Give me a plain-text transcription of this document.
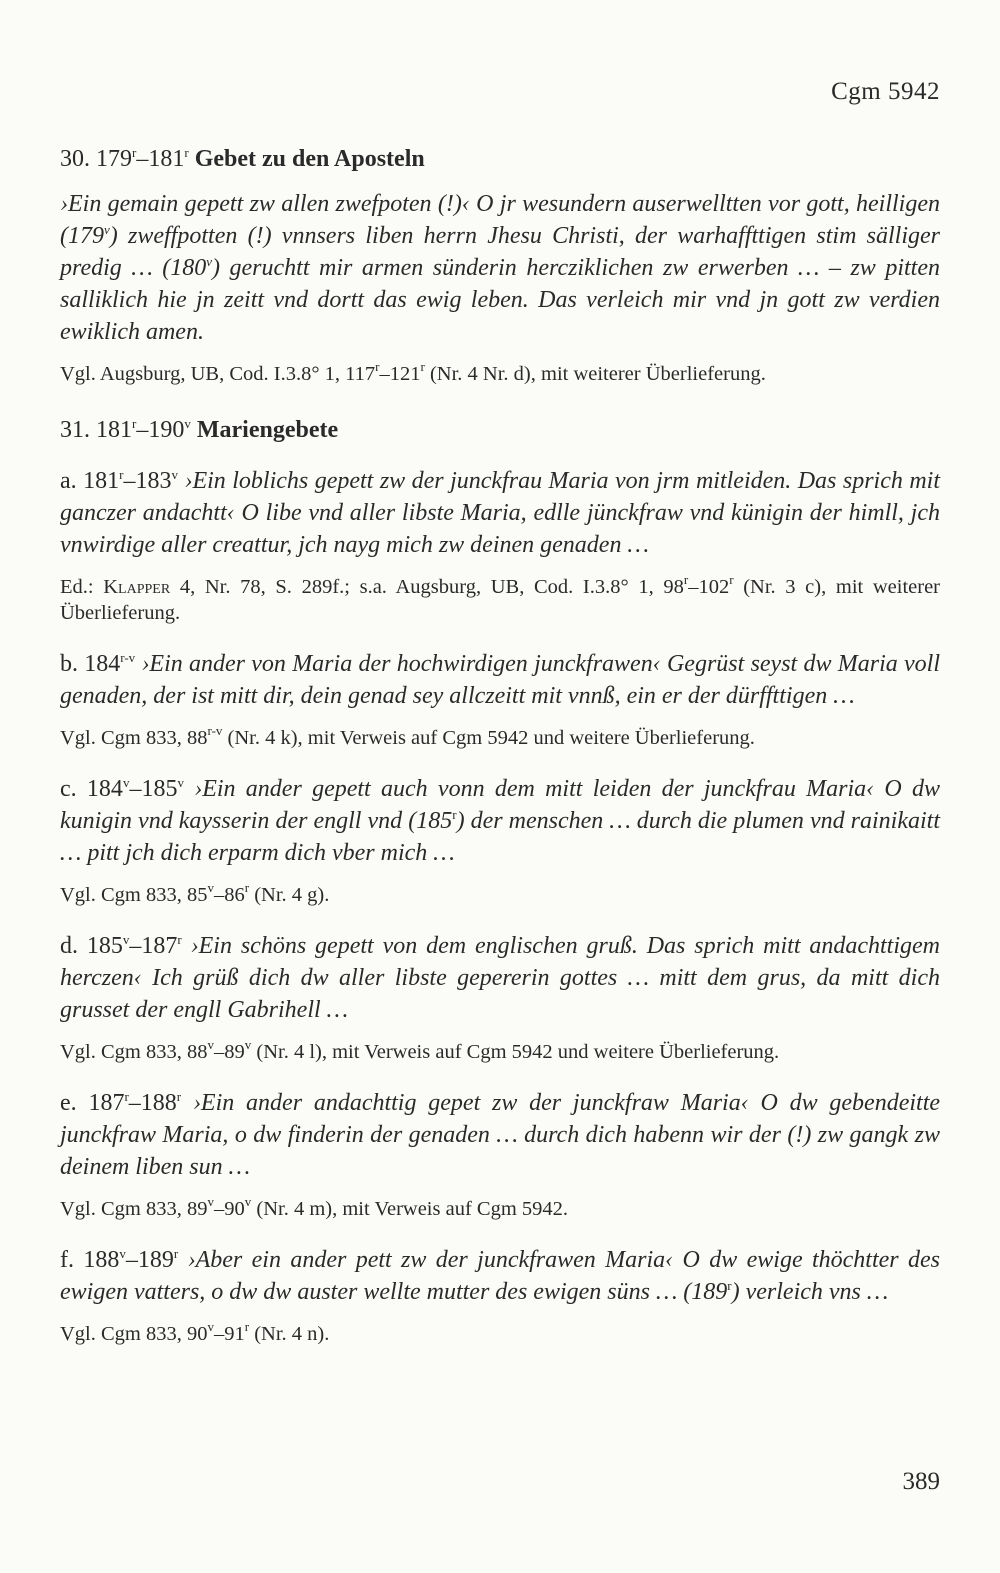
Cgm 5942
30. 179$^r$–181$^r$ Gebet zu den Aposteln

›Ein gemain gepett zw allen zwefpoten (!)‹ O jr wesundern auserwelltten vor gott, heilligen (179$^v$) zweffpotten (!) vnnsers liben herrn Jhesu Christi, der warhaffttigen stim sälliger predig … (180$^v$) geruchtt mir armen sünderin hercziklichen zw erwerben … – zw pitten salliklich hie jn zeitt vnd dortt das ewig leben. Das verleich mir vnd jn gott zw verdien ewiklich amen.

Vgl. Augsburg, UB, Cod. I.3.8° 1, 117$^r$–121$^r$ (Nr. 4 Nr. d), mit weiterer Überlieferung.

31. 181$^r$–190$^v$ Mariengebete

a. 181$^r$–183$^v$ ›Ein loblichs gepett zw der junckfrau Maria von jrm mitleiden. Das sprich mit ganczer andachtt‹ O libe vnd aller libste Maria, edlle jünckfraw vnd künigin der himll, jch vnwirdige aller creattur, jch nayg mich zw deinen genaden …

Ed.: Klapper 4, Nr. 78, S. 289f.; s.a. Augsburg, UB, Cod. I.3.8° 1, 98$^r$–102$^r$ (Nr. 3 c), mit weiterer Überlieferung.

b. 184$^{r-v}$ ›Ein ander von Maria der hochwirdigen junckfrawen‹ Gegrüst seyst dw Maria voll genaden, der ist mitt dir, dein genad sey allczeitt mit vnnß, ein er der dürffttigen …

Vgl. Cgm 833, 88$^{r-v}$ (Nr. 4 k), mit Verweis auf Cgm 5942 und weitere Überlieferung.

c. 184$^v$–185$^v$ ›Ein ander gepett auch vonn dem mitt leiden der junckfrau Maria‹ O dw kunigin vnd kaysserin der engll vnd (185$^r$) der menschen … durch die plumen vnd rainikaitt … pitt jch dich erparm dich vber mich …

Vgl. Cgm 833, 85$^v$–86$^r$ (Nr. 4 g).

d. 185$^v$–187$^r$ ›Ein schöns gepett von dem englischen gruß. Das sprich mitt andachttigem herczen‹ Ich grüß dich dw aller libste gepererin gottes … mitt dem grus, da mitt dich grusset der engll Gabrihell …

Vgl. Cgm 833, 88$^v$–89$^v$ (Nr. 4 l), mit Verweis auf Cgm 5942 und weitere Überlieferung.

e. 187$^r$–188$^r$ ›Ein ander andachttig gepet zw der junckfraw Maria‹ O dw gebendeitte junckfraw Maria, o dw finderin der genaden … durch dich habenn wir der (!) zw gangk zw deinem liben sun …

Vgl. Cgm 833, 89$^v$–90$^v$ (Nr. 4 m), mit Verweis auf Cgm 5942.

f. 188$^v$–189$^r$ ›Aber ein ander pett zw der junckfrawen Maria‹ O dw ewige thöchtter des ewigen vatters, o dw dw auster wellte mutter des ewigen süns … (189$^r$) verleich vns …

Vgl. Cgm 833, 90$^v$–91$^r$ (Nr. 4 n).

389
